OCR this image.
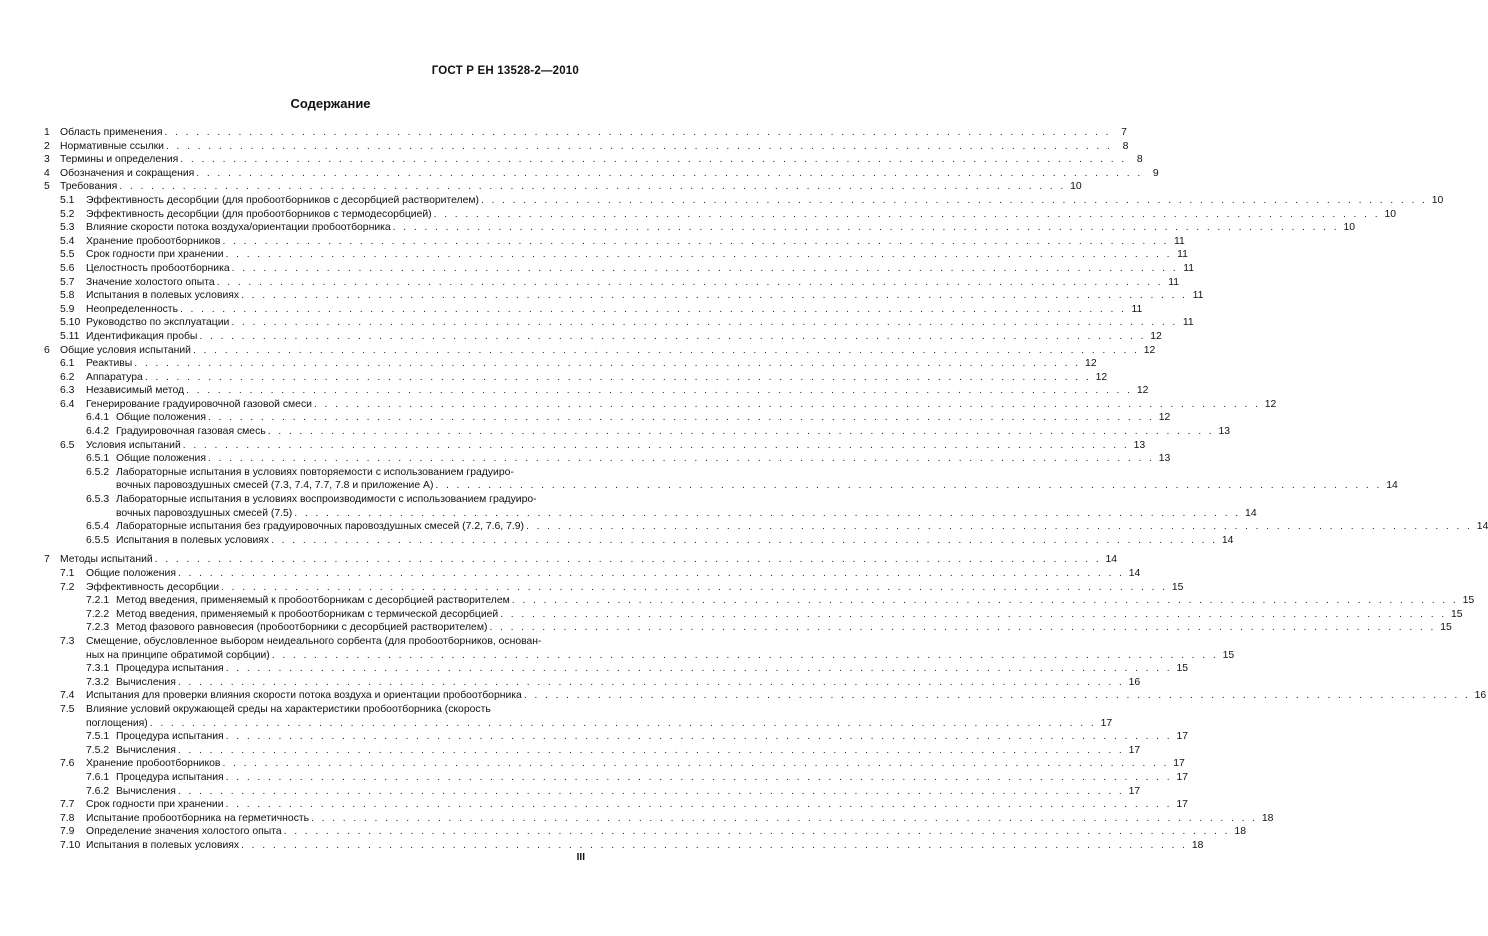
ГОСТ Р ЕН 13528-2—2010
Содержание
1 Область применения . . .	7
2 Нормативные ссылки . . .	8
3 Термины и определения . . .	8
4 Обозначения и сокращения . . .	9
5 Требования . . .	10
5.1	Эффективность десорбции (для пробоотборников с десорбцией растворителем) . . .	10
5.2	Эффективность десорбции (для пробоотборников с термодесорбцией) . . .	10
5.3	Влияние скорости потока воздуха/ориентации пробоотборника . . .	10
5.4	Хранение пробоотборников . . .	11
5.5	Срок годности при хранении . . .	11
5.6	Целостность пробоотборника . . .	11
5.7	Значение холостого опыта . . .	11
5.8	Испытания в полевых условиях . . .	11
5.9	Неопределенность . . .	11
5.10 Руководство по эксплуатации . . .	11
5.11 Идентификация пробы . . .	12
6 Общие условия испытаний . . .	12
6.1	Реактивы . . .	12
6.2	Аппаратура . . .	12
6.3	Независимый метод . . .	12
6.4	Генерирование градуировочной газовой смеси . . .	12
6.4.1 Общие положения . . .	12
6.4.2 Градуировочная газовая смесь . . .	13
6.5	Условия испытаний . . .	13
6.5.1 Общие положения . . .	13
6.5.2 Лабораторные испытания в условиях повторяемости с использованием градуиро-
вочных паровоздушных смесей (7.3, 7.4, 7.7, 7.8 и приложение А) . . .	14
6.5.3 Лабораторные испытания в условиях воспроизводимости с использованием градуиро-
вочных паровоздушных смесей (7.5) . . .	14
6.5.4 Лабораторные испытания без градуировочных паровоздушных смесей (7.2, 7.6, 7.9) . . .	14
6.5.5 Испытания в полевых условиях . . .	14
7 Методы испытаний . . .	14
7.1	Общие положения . . .	14
7.2	Эффективность десорбции . . .	15
7.2.1 Метод введения, применяемый к пробоотборникам с десорбцией растворителем . . .	15
7.2.2 Метод введения, применяемый к пробоотборникам с термической десорбцией . . .	15
7.2.3 Метод фазового равновесия (пробоотборники с десорбцией растворителем) . . .	15
7.3	Смещение, обусловленное выбором неидеального сорбента (для пробоотборников, основан-
ных на принципе обратимой сорбции) . . .	15
7.3.1 Процедура испытания . . .	15
7.3.2 Вычисления . . .	16
7.4	Испытания для проверки влияния скорости потока воздуха и ориентации пробоотборника . . .	16
7.5	Влияние условий окружающей среды на характеристики пробоотборника (скорость
поглощения) . . .	17
7.5.1 Процедура испытания . . .	17
7.5.2 Вычисления . . .	17
7.6	Хранение пробоотборников . . .	17
7.6.1 Процедура испытания . . .	17
7.6.2 Вычисления . . .	17
7.7	Срок годности при хранении . . .	17
7.8	Испытание пробоотборника на герметичность . . .	18
7.9	Определение значения холостого опыта . . .	18
7.10 Испытания в полевых условиях . . .	18
III
